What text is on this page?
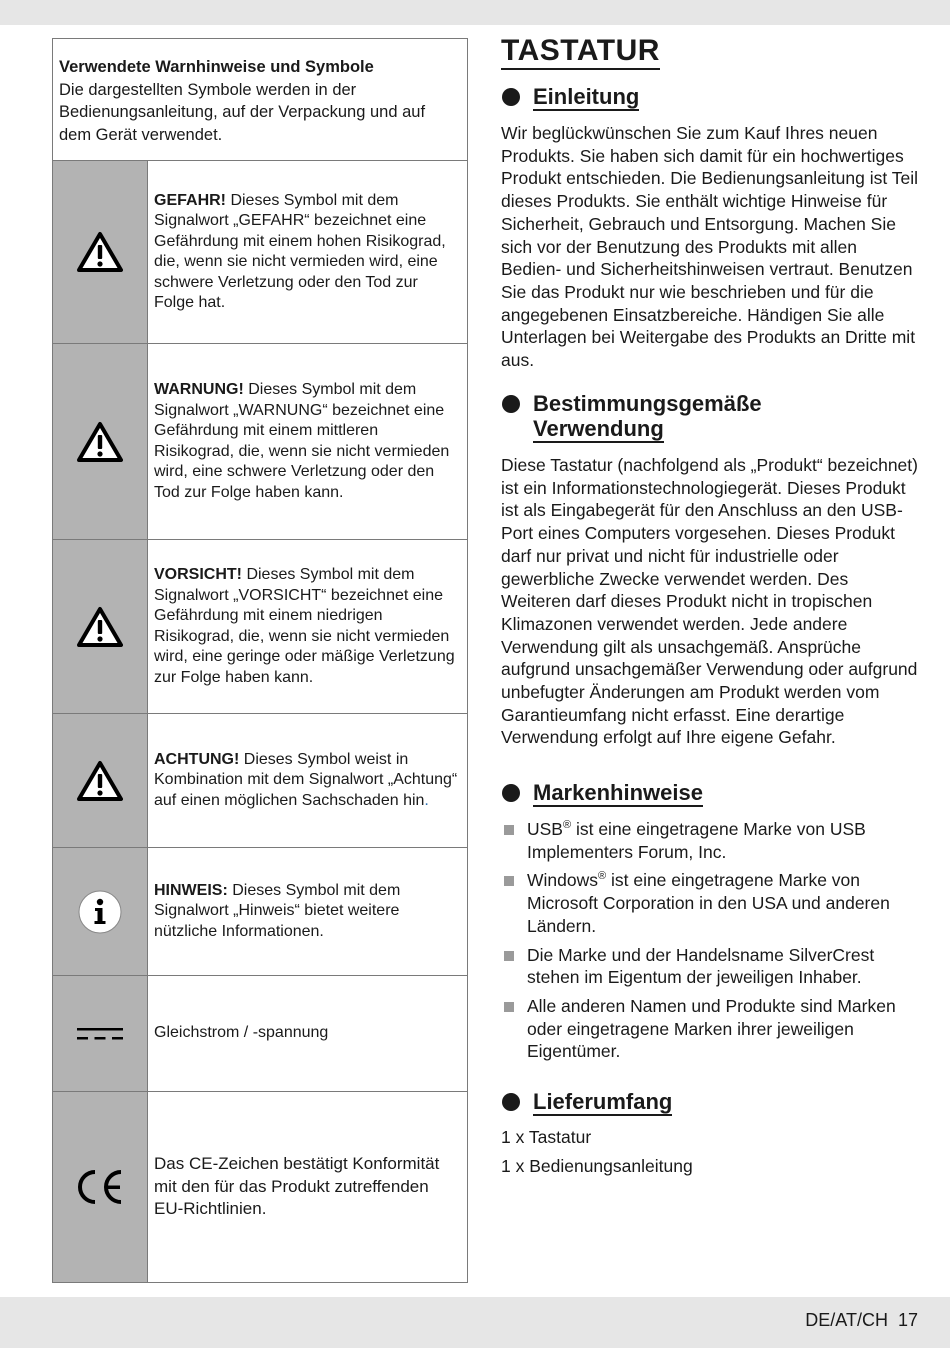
Verwendete Warnhinweise und Symbole
Die dargestellten Symbole werden in der Bedienungsanleitung, auf der Verpackung und auf dem Gerät verwendet.
GEFAHR! Dieses Symbol mit dem Signalwort „GEFAHR“ bezeichnet eine Gefährdung mit einem hohen Risikograd, die, wenn sie nicht vermieden wird, eine schwere Verletzung oder den Tod zur Folge hat.
WARNUNG! Dieses Symbol mit dem Signalwort „WARNUNG“ bezeichnet eine Gefährdung mit einem mittleren Risikograd, die, wenn sie nicht vermieden wird, eine schwere Verletzung oder den Tod zur Folge haben kann.
VORSICHT! Dieses Symbol mit dem Signalwort „VORSICHT“ bezeichnet eine Gefährdung mit einem niedrigen Risikograd, die, wenn sie nicht vermieden wird, eine geringe oder mäßige Verletzung zur Folge haben kann.
ACHTUNG! Dieses Symbol weist in Kombination mit dem Signalwort „Achtung“ auf einen möglichen Sachschaden hin.
HINWEIS: Dieses Symbol mit dem Signalwort „Hinweis“ bietet weitere nützliche Informationen.
Gleichstrom / -spannung
Das CE-Zeichen bestätigt Konformität mit den für das Produkt zutreffenden EU-Richtlinien.
TASTATUR
Einleitung

Wir beglückwünschen Sie zum Kauf Ihres neuen Produkts. Sie haben sich damit für ein hochwertiges Produkt entschieden. Die Bedienungsanleitung ist Teil dieses Produkts. Sie enthält wichtige Hinweise für Sicherheit, Gebrauch und Entsorgung. Machen Sie sich vor der Benutzung des Produkts mit allen Bedien- und Sicherheitshinweisen vertraut. Benutzen Sie das Produkt nur wie beschrieben und für die angegebenen Einsatzbereiche. Händigen Sie alle Unterlagen bei Weitergabe des Produkts an Dritte mit aus.

Bestimmungsgemäße
Verwendung

Diese Tastatur (nachfolgend als „Produkt“ bezeichnet) ist ein Informationstechnologiegerät. Dieses Produkt ist als Eingabegerät für den Anschluss an den USB-Port eines Computers vorgesehen. Dieses Produkt darf nur privat und nicht für industrielle oder gewerbliche Zwecke verwendet werden. Des Weiteren darf dieses Produkt nicht in tropischen Klimazonen verwendet werden. Jede andere Verwendung gilt als unsachgemäß. Ansprüche aufgrund unsachgemäßer Verwendung oder aufgrund unbefugter Änderungen am Produkt werden vom Garantieumfang nicht erfasst. Eine derartige Verwendung erfolgt auf Ihre eigene Gefahr.

Markenhinweise
USB® ist eine eingetragene Marke von USB Implementers Forum, Inc.
Windows® ist eine eingetragene Marke von Microsoft Corporation in den USA und anderen Ländern.
Die Marke und der Handelsname SilverCrest stehen im Eigentum der jeweiligen Inhaber.
Alle anderen Namen und Produkte sind Marken oder eingetragene Marken ihrer jeweiligen Eigentümer.
Lieferumfang
1 x Tastatur
1 x Bedienungsanleitung
DE/AT/CH 17
